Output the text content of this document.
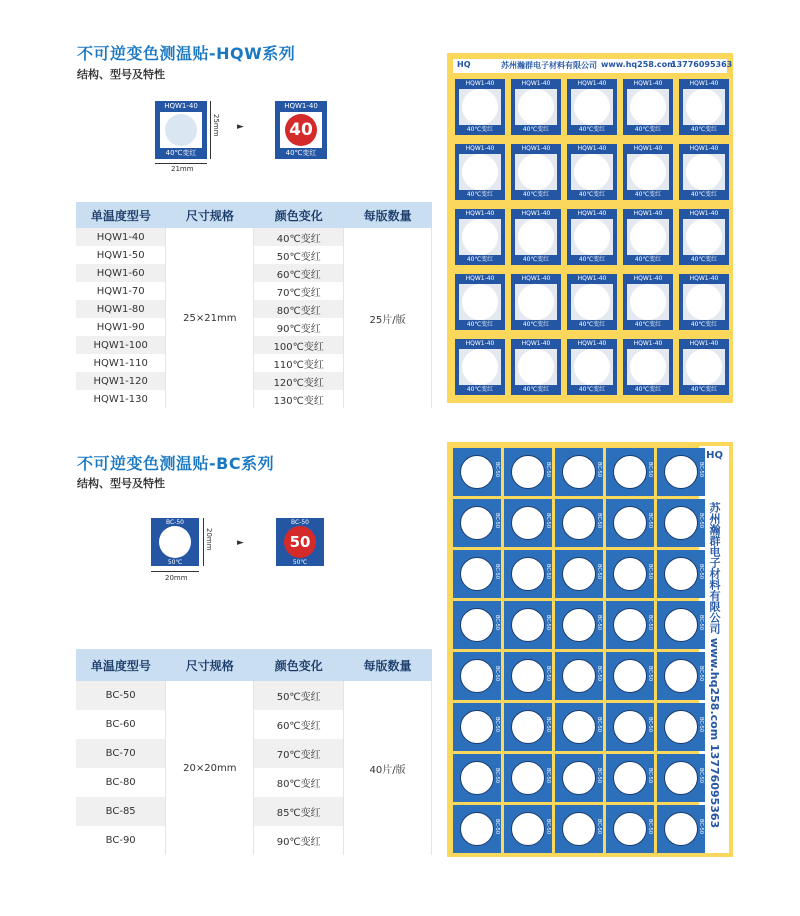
不可逆变色测温贴-HQW系列
结构、型号及特性
HQW1-40
40℃变红
25mm
21mm
►
HQW1-40
40
40℃变红
单温度型号	尺寸规格	颜色变化	每版数量
HQW1-40	25×21mm	40℃变红	25片/版
HQW1-50		50℃变红	
HQW1-60		60℃变红	
HQW1-70		70℃变红	
HQW1-80		80℃变红	
HQW1-90		90℃变红	
HQW1-100		100℃变红	
HQW1-110		110℃变红	
HQW1-120		120℃变红	
HQW1-130		130℃变红	
HQ	苏州瀚群电子材料有限公司 www.hq258.com
13776095363
HQW1-40
40℃变红
HQW1-40
40℃变红
HQW1-40
40℃变红
HQW1-40
40℃变红
HQW1-40
40℃变红
HQW1-40
40℃变红
HQW1-40
40℃变红
HQW1-40
40℃变红
HQW1-40
40℃变红
HQW1-40
40℃变红
HQW1-40
40℃变红
HQW1-40
40℃变红
HQW1-40
40℃变红
HQW1-40
40℃变红
HQW1-40
40℃变红
HQW1-40
40℃变红
HQW1-40
40℃变红
HQW1-40
40℃变红
HQW1-40
40℃变红
HQW1-40
40℃变红
HQW1-40
40℃变红
HQW1-40
40℃变红
HQW1-40
40℃变红
HQW1-40
40℃变红
HQW1-40
40℃变红
不可逆变色测温贴-BC系列
结构、型号及特性
BC-50
50℃
20mm
20mm
►
BC-50
50
50℃
单温度型号	尺寸规格	颜色变化	每版数量
BC-50	20×20mm	50℃变红	40片/版
BC-60		60℃变红	
BC-70		70℃变红	
BC-80		80℃变红	
BC-85		85℃变红	
BC-90		90℃变红	
HQ
苏州瀚群电子材料有限公司 www.hq258.com 13776095363
BC-50	BC-50	BC-50	BC-50	BC-50
BC-50	BC-50	BC-50	BC-50	BC-50
BC-50	BC-50	BC-50	BC-50	BC-50
BC-50	BC-50	BC-50	BC-50	BC-50
BC-50	BC-50	BC-50	BC-50	BC-50
BC-50	BC-50	BC-50	BC-50	BC-50
BC-50	BC-50	BC-50	BC-50	BC-50
BC-50	BC-50	BC-50	BC-50	BC-50
